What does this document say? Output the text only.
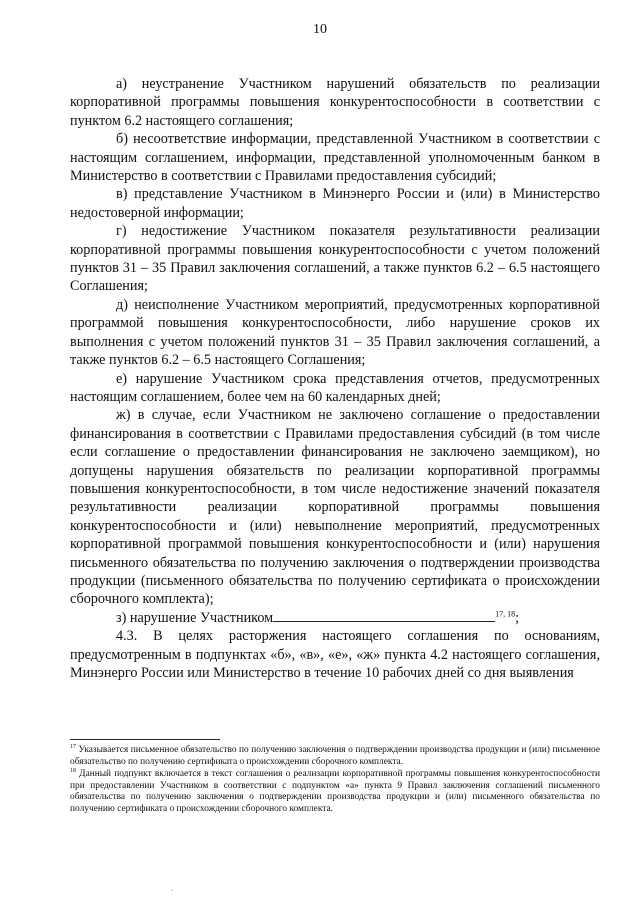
10

а) неустранение Участником нарушений обязательств по реализации корпоративной программы повышения конкурентоспособности в соответствии с пунктом 6.2 настоящего соглашения;

б) несоответствие информации, представленной Участником в соответствии с настоящим соглашением, информации, представленной уполномоченным банком в Министерство в соответствии с Правилами предоставления субсидий;

в) представление Участником в Минэнерго России и (или) в Министерство недостоверной информации;

г) недостижение Участником показателя результативности реализации корпоративной программы повышения конкурентоспособности с учетом положений пунктов 31 – 35 Правил заключения соглашений, а также пунктов 6.2 – 6.5 настоящего Соглашения;

д) неисполнение Участником мероприятий, предусмотренных корпоративной программой повышения конкурентоспособности, либо нарушение сроков их выполнения с учетом положений пунктов 31 – 35 Правил заключения соглашений, а также пунктов 6.2 – 6.5 настоящего Соглашения;

е) нарушение Участником срока представления отчетов, предусмотренных настоящим соглашением, более чем на 60 календарных дней;

ж) в случае, если Участником не заключено соглашение о предоставлении финансирования в соответствии с Правилами предоставления субсидий (в том числе если соглашение о предоставлении финансирования не заключено заемщиком), но допущены нарушения обязательств по реализации корпоративной программы повышения конкурентоспособности, в том числе недостижение значений показателя результативности реализации корпоративной программы повышения конкурентоспособности и (или) невыполнение мероприятий, предусмотренных корпоративной программой повышения конкурентоспособности и (или) нарушения письменного обязательства по получению заключения о подтверждении производства продукции (письменного обязательства по получению сертификата о происхождении сборочного комплекта);

з) нарушение Участником	$^{17, 18}$;

4.3. В целях расторжения настоящего соглашения по основаниям, предусмотренным в подпунктах «б», «в», «е», «ж» пункта 4.2 настоящего соглашения, Минэнерго России или Министерство в течение 10 рабочих дней со дня выявления

$^{17}$ Указывается письменное обязательство по получению заключения о подтверждении производства продукции и (или) письменное обязательство по получению сертификата о происхождении сборочного комплекта.

$^{18}$ Данный подпункт включается в текст соглашения о реализации корпоративной программы повышения конкурентоспособности при предоставлении Участником в соответствии с подпунктом «а» пункта 9 Правил заключения соглашений письменного обязательства по получению заключения о подтверждении производства продукции и (или) письменного обязательства по получению сертификата о происхождении сборочного комплекта.

·
